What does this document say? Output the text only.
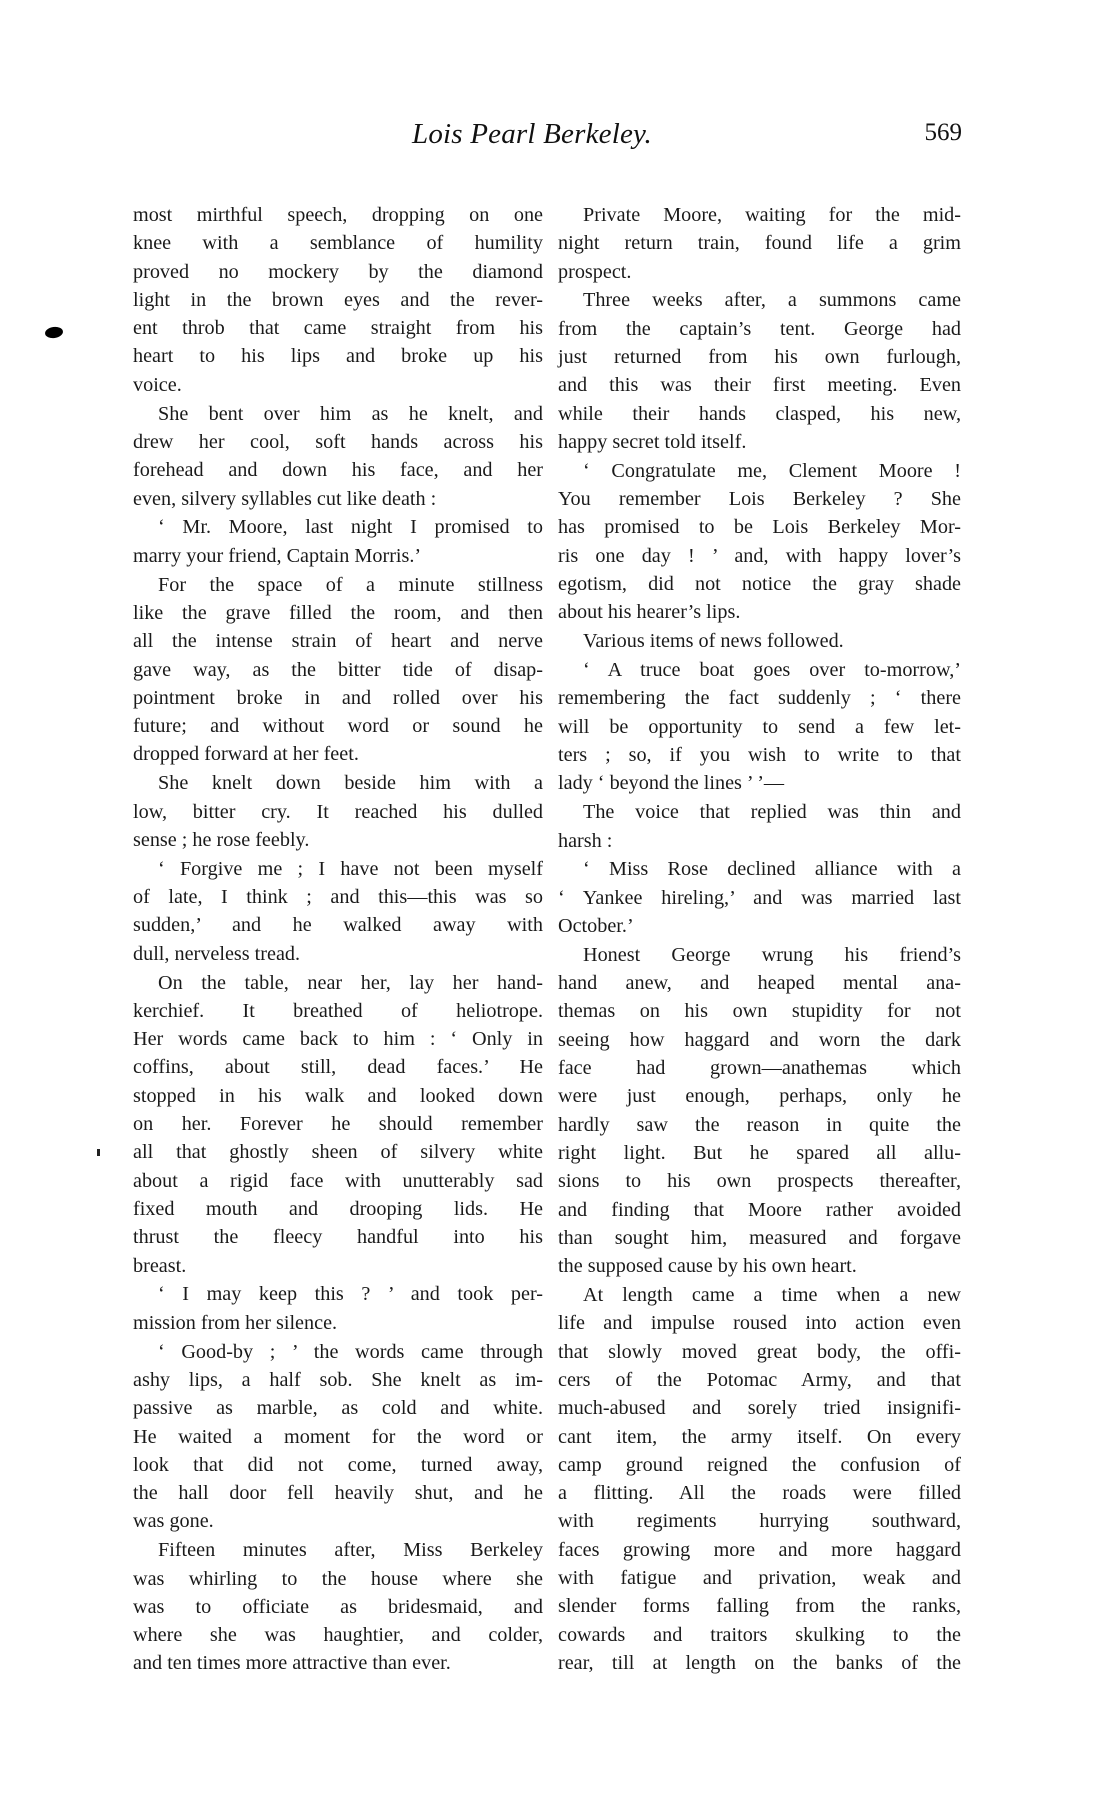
Lois Pearl Berkeley.	569
most mirthful speech, dropping on one
knee with a semblance of humility
proved no mockery by the diamond
light in the brown eyes and the rever-
ent throb that came straight from his
heart to his lips and broke up his
voice.
She bent over him as he knelt, and
drew her cool, soft hands across his
forehead and down his face, and her
even, silvery syllables cut like death :
‘ Mr. Moore, last night I promised to
marry your friend, Captain Morris.’
For the space of a minute stillness
like the grave filled the room, and then
all the intense strain of heart and nerve
gave way, as the bitter tide of disap-
pointment broke in and rolled over his
future; and without word or sound he
dropped forward at her feet.
She knelt down beside him with a
low, bitter cry. It reached his dulled
sense ; he rose feebly.
‘ Forgive me ; I have not been myself
of late, I think ; and this—this was so
sudden,’ and he walked away with
dull, nerveless tread.
On the table, near her, lay her hand-
kerchief. It breathed of heliotrope.
Her words came back to him : ‘ Only in
coffins, about still, dead faces.’ He
stopped in his walk and looked down
on her. Forever he should remember
all that ghostly sheen of silvery white
about a rigid face with unutterably sad
fixed mouth and drooping lids. He
thrust the fleecy handful into his
breast.
‘ I may keep this ? ’ and took per-
mission from her silence.
‘ Good-by ; ’ the words came through
ashy lips, a half sob. She knelt as im-
passive as marble, as cold and white.
He waited a moment for the word or
look that did not come, turned away,
the hall door fell heavily shut, and he
was gone.
Fifteen minutes after, Miss Berkeley
was whirling to the house where she
was to officiate as bridesmaid, and
where she was haughtier, and colder,
and ten times more attractive than ever.
Private Moore, waiting for the mid-
night return train, found life a grim
prospect.
Three weeks after, a summons came
from the captain’s tent. George had
just returned from his own furlough,
and this was their first meeting. Even
while their hands clasped, his new,
happy secret told itself.
‘ Congratulate me, Clement Moore !
You remember Lois Berkeley ? She
has promised to be Lois Berkeley Mor-
ris one day ! ’ and, with happy lover’s
egotism, did not notice the gray shade
about his hearer’s lips.
Various items of news followed.
‘ A truce boat goes over to-morrow,’
remembering the fact suddenly ; ‘ there
will be opportunity to send a few let-
ters ; so, if you wish to write to that
lady ‘ beyond the lines ’ ’—
The voice that replied was thin and
harsh :
‘ Miss Rose declined alliance with a
‘ Yankee hireling,’ and was married last
October.’
Honest George wrung his friend’s
hand anew, and heaped mental ana-
themas on his own stupidity for not
seeing how haggard and worn the dark
face had grown—anathemas which
were just enough, perhaps, only he
hardly saw the reason in quite the
right light. But he spared all allu-
sions to his own prospects thereafter,
and finding that Moore rather avoided
than sought him, measured and forgave
the supposed cause by his own heart.
At length came a time when a new
life and impulse roused into action even
that slowly moved great body, the offi-
cers of the Potomac Army, and that
much-abused and sorely tried insignifi-
cant item, the army itself. On every
camp ground reigned the confusion of
a flitting. All the roads were filled
with regiments hurrying southward,
faces growing more and more haggard
with fatigue and privation, weak and
slender forms falling from the ranks,
cowards and traitors skulking to the
rear, till at length on the banks of the
